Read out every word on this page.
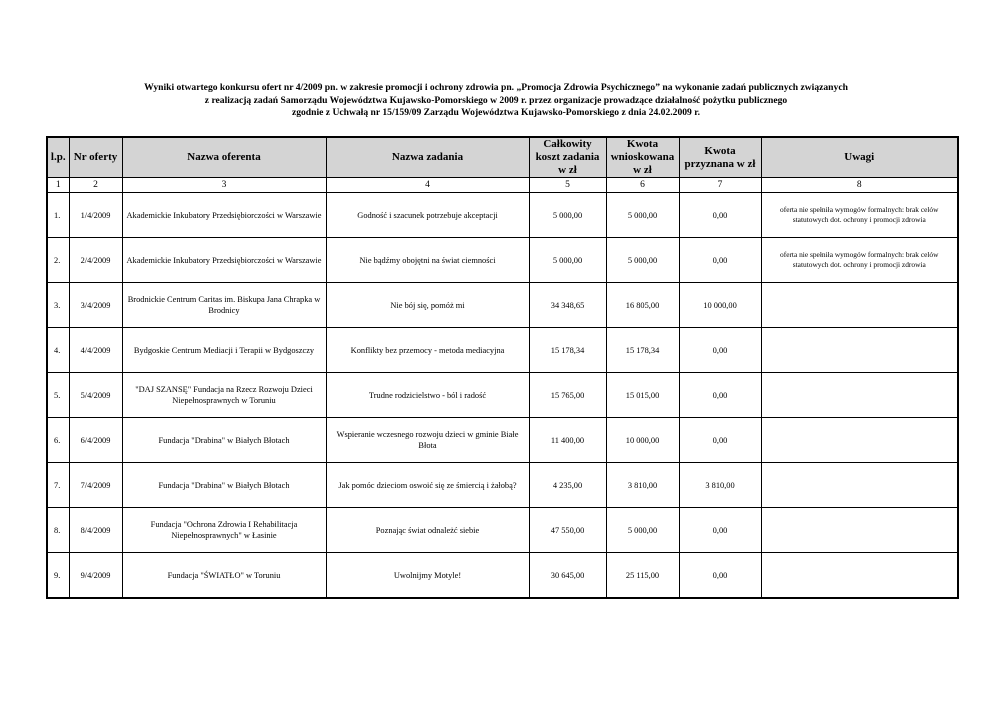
Wyniki otwartego konkursu ofert nr 4/2009 pn. w zakresie promocji i ochrony zdrowia pn. „Promocja Zdrowia Psychicznego” na wykonanie zadań publicznych związanych
z realizacją zadań Samorządu Województwa Kujawsko-Pomorskiego w 2009 r. przez organizacje prowadzące działalność pożytku publicznego
zgodnie z Uchwałą nr 15/159/09 Zarządu Województwa Kujawsko-Pomorskiego z dnia 24.02.2009 r.
l.p.	Nr oferty	Nazwa oferenta	Nazwa zadania	Całkowity koszt zadania w zł	Kwota wnioskowana w zł	Kwota przyznana w zł	Uwagi
1	2	3	4	5	6	7	8
1.	1/4/2009	Akademickie Inkubatory Przedsiębiorczości w Warszawie	Godność i szacunek potrzebuje akceptacji	5 000,00	5 000,00	0,00	oferta nie spełniła wymogów formalnych: brak celów statutowych dot. ochrony i promocji zdrowia
2.	2/4/2009	Akademickie Inkubatory Przedsiębiorczości w Warszawie	Nie bądźmy obojętni na świat ciemności	5 000,00	5 000,00	0,00	oferta nie spełniła wymogów formalnych: brak celów statutowych dot. ochrony i promocji zdrowia
3.	3/4/2009	Brodnickie Centrum Caritas im. Biskupa Jana Chrapka w Brodnicy	Nie bój się, pomóż mi	34 348,65	16 805,00	10 000,00	
4.	4/4/2009	Bydgoskie Centrum Mediacji i Terapii w Bydgoszczy	Konflikty bez przemocy - metoda mediacyjna	15 178,34	15 178,34	0,00	
5.	5/4/2009	"DAJ SZANSĘ" Fundacja na Rzecz Rozwoju Dzieci Niepełnosprawnych w Toruniu	Trudne rodzicielstwo - ból i radość	15 765,00	15 015,00	0,00	
6.	6/4/2009	Fundacja "Drabina" w Białych Błotach	Wspieranie wczesnego rozwoju dzieci w gminie Białe Błota	11 400,00	10 000,00	0,00	
7.	7/4/2009	Fundacja "Drabina" w Białych Błotach	Jak pomóc dzieciom oswoić się ze śmiercią i żałobą?	4 235,00	3 810,00	3 810,00	
8.	8/4/2009	Fundacja "Ochrona Zdrowia I Rehabilitacja Niepełnosprawnych" w Łasinie	Poznając świat odnależć siebie	47 550,00	5 000,00	0,00	
9.	9/4/2009	Fundacja "ŚWIATŁO" w Toruniu	Uwolnijmy Motyle!	30 645,00	25 115,00	0,00	
